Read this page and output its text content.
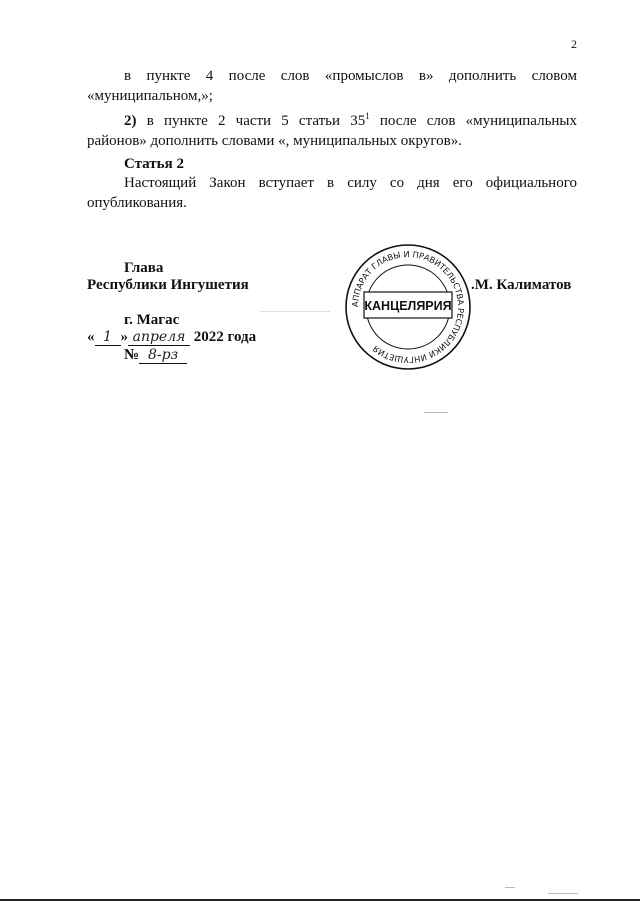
2
в пункте 4 после слов «промыслов в» дополнить словом
«муниципальном,»;
2) в пункте 2 части 5 статьи $35^1$ после слов «муниципальных
районов» дополнить словами «, муниципальных округов».
Статья 2
Настоящий Закон вступает в силу со дня его официального
опубликования.
Глава
Республики Ингушетия	.М. Калиматов
г. Магас
« 1 » апреля 2022 года
№ 8-рз
АППАРАТ ГЛАВЫ И ПРАВИТЕЛЬСТВА РЕСПУБЛИКИ ИНГУШЕТИЯ
КАНЦЕЛЯРИЯ
